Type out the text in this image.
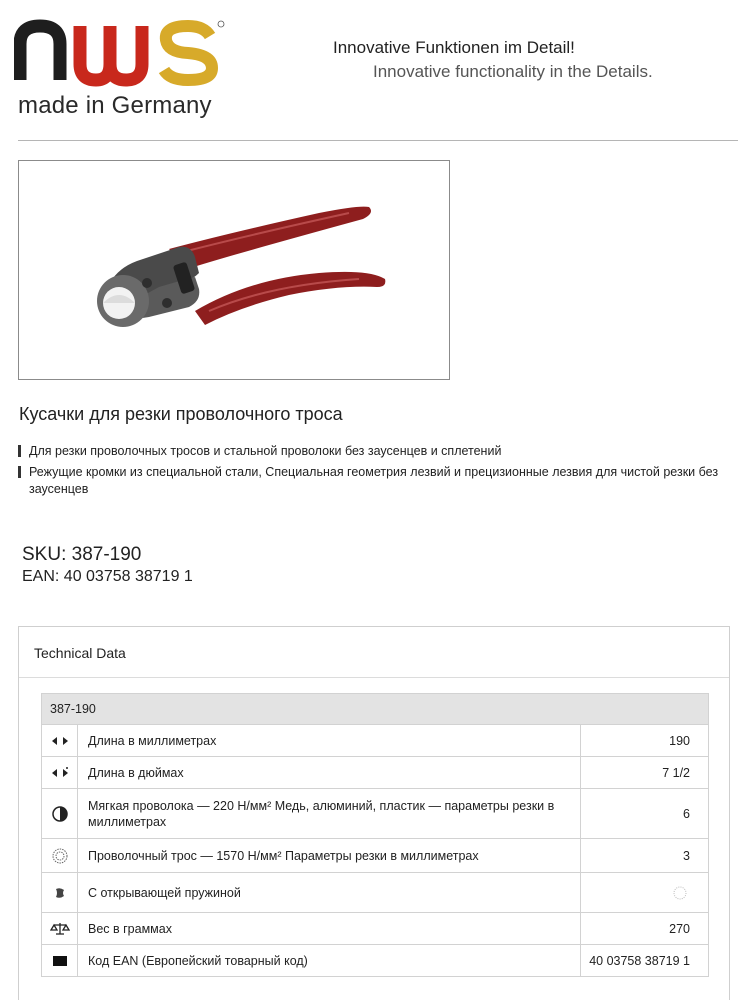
made in Germany
Innovative Funktionen im Detail!
Innovative functionality in the Details.
Кусачки для резки проволочного троса
Для резки проволочных тросов и стальной проволоки без заусенцев и сплетений
Режущие кромки из специальной стали, Специальная геометрия лезвий и прецизионные лезвия для чистой резки без заусенцев
SKU: 387-190
EAN: 40 03758 38719 1
Technical Data
387-190		

	Длина в миллиметрах	190

	Длина в дюймах	7 1/2

	Мягкая проволока — 220 Н/мм² Медь, алюминий, пластик — параметры резки в миллиметрах	6

	Проволочный трос — 1570 Н/мм² Параметры резки в миллиметрах	3

	С открывающей пружиной	

	Вес в граммах	270

	Код EAN (Европейский товарный код)	40 03758 38719 1
